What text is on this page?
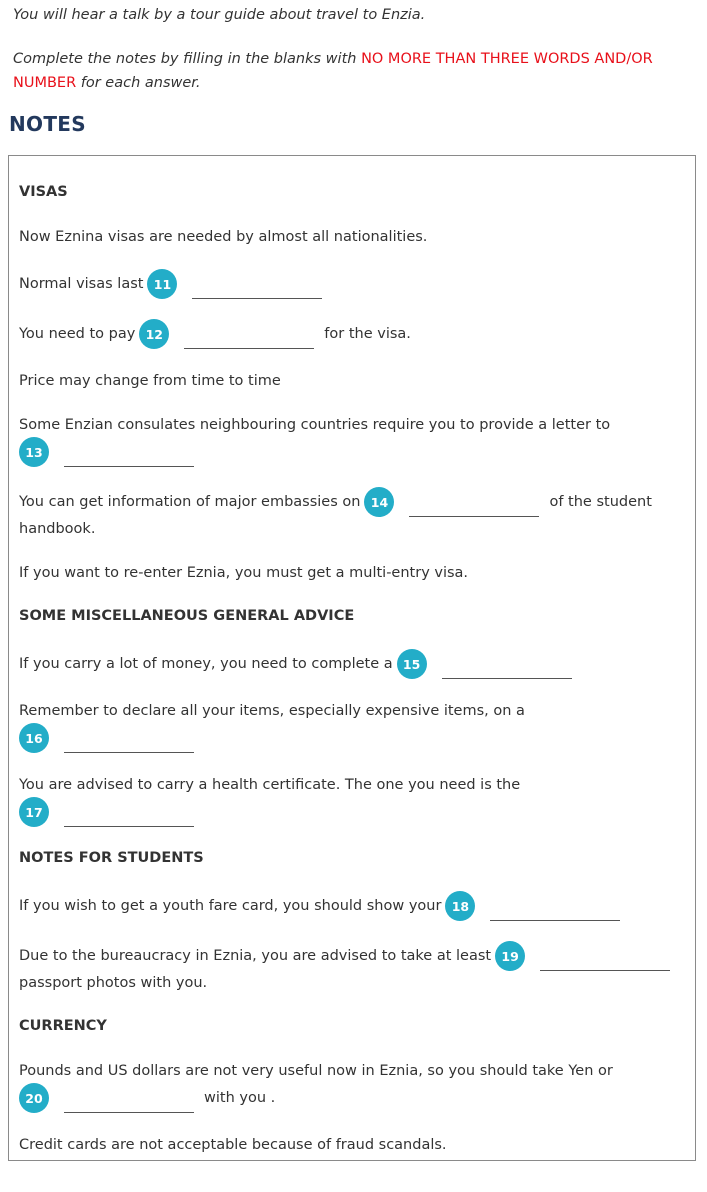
You will hear a talk by a tour guide about travel to Enzia.

Complete the notes by filling in the blanks with NO MORE THAN THREE WORDS AND/OR NUMBER for each answer.

NOTES
VISAS
Now Eznina visas are needed by almost all nationalities.
Normal visas last 11
You need to pay 12	for the visa.
Price may change from time to time
Some Enzian consulates neighbouring countries require you to provide a letter to
13
You can get information of major embassies on 14	of the student
handbook.
If you want to re-enter Eznia, you must get a multi-entry visa.
SOME MISCELLANEOUS GENERAL ADVICE
If you carry a lot of money, you need to complete a 15
Remember to declare all your items, especially expensive items, on a
16
You are advised to carry a health certificate. The one you need is the
17
NOTES FOR STUDENTS
If you wish to get a youth fare card, you should show your 18
Due to the bureaucracy in Eznia, you are advised to take at least 19
passport photos with you.
CURRENCY
Pounds and US dollars are not very useful now in Eznia, so you should take Yen or
20	with you .
Credit cards are not acceptable because of fraud scandals.
